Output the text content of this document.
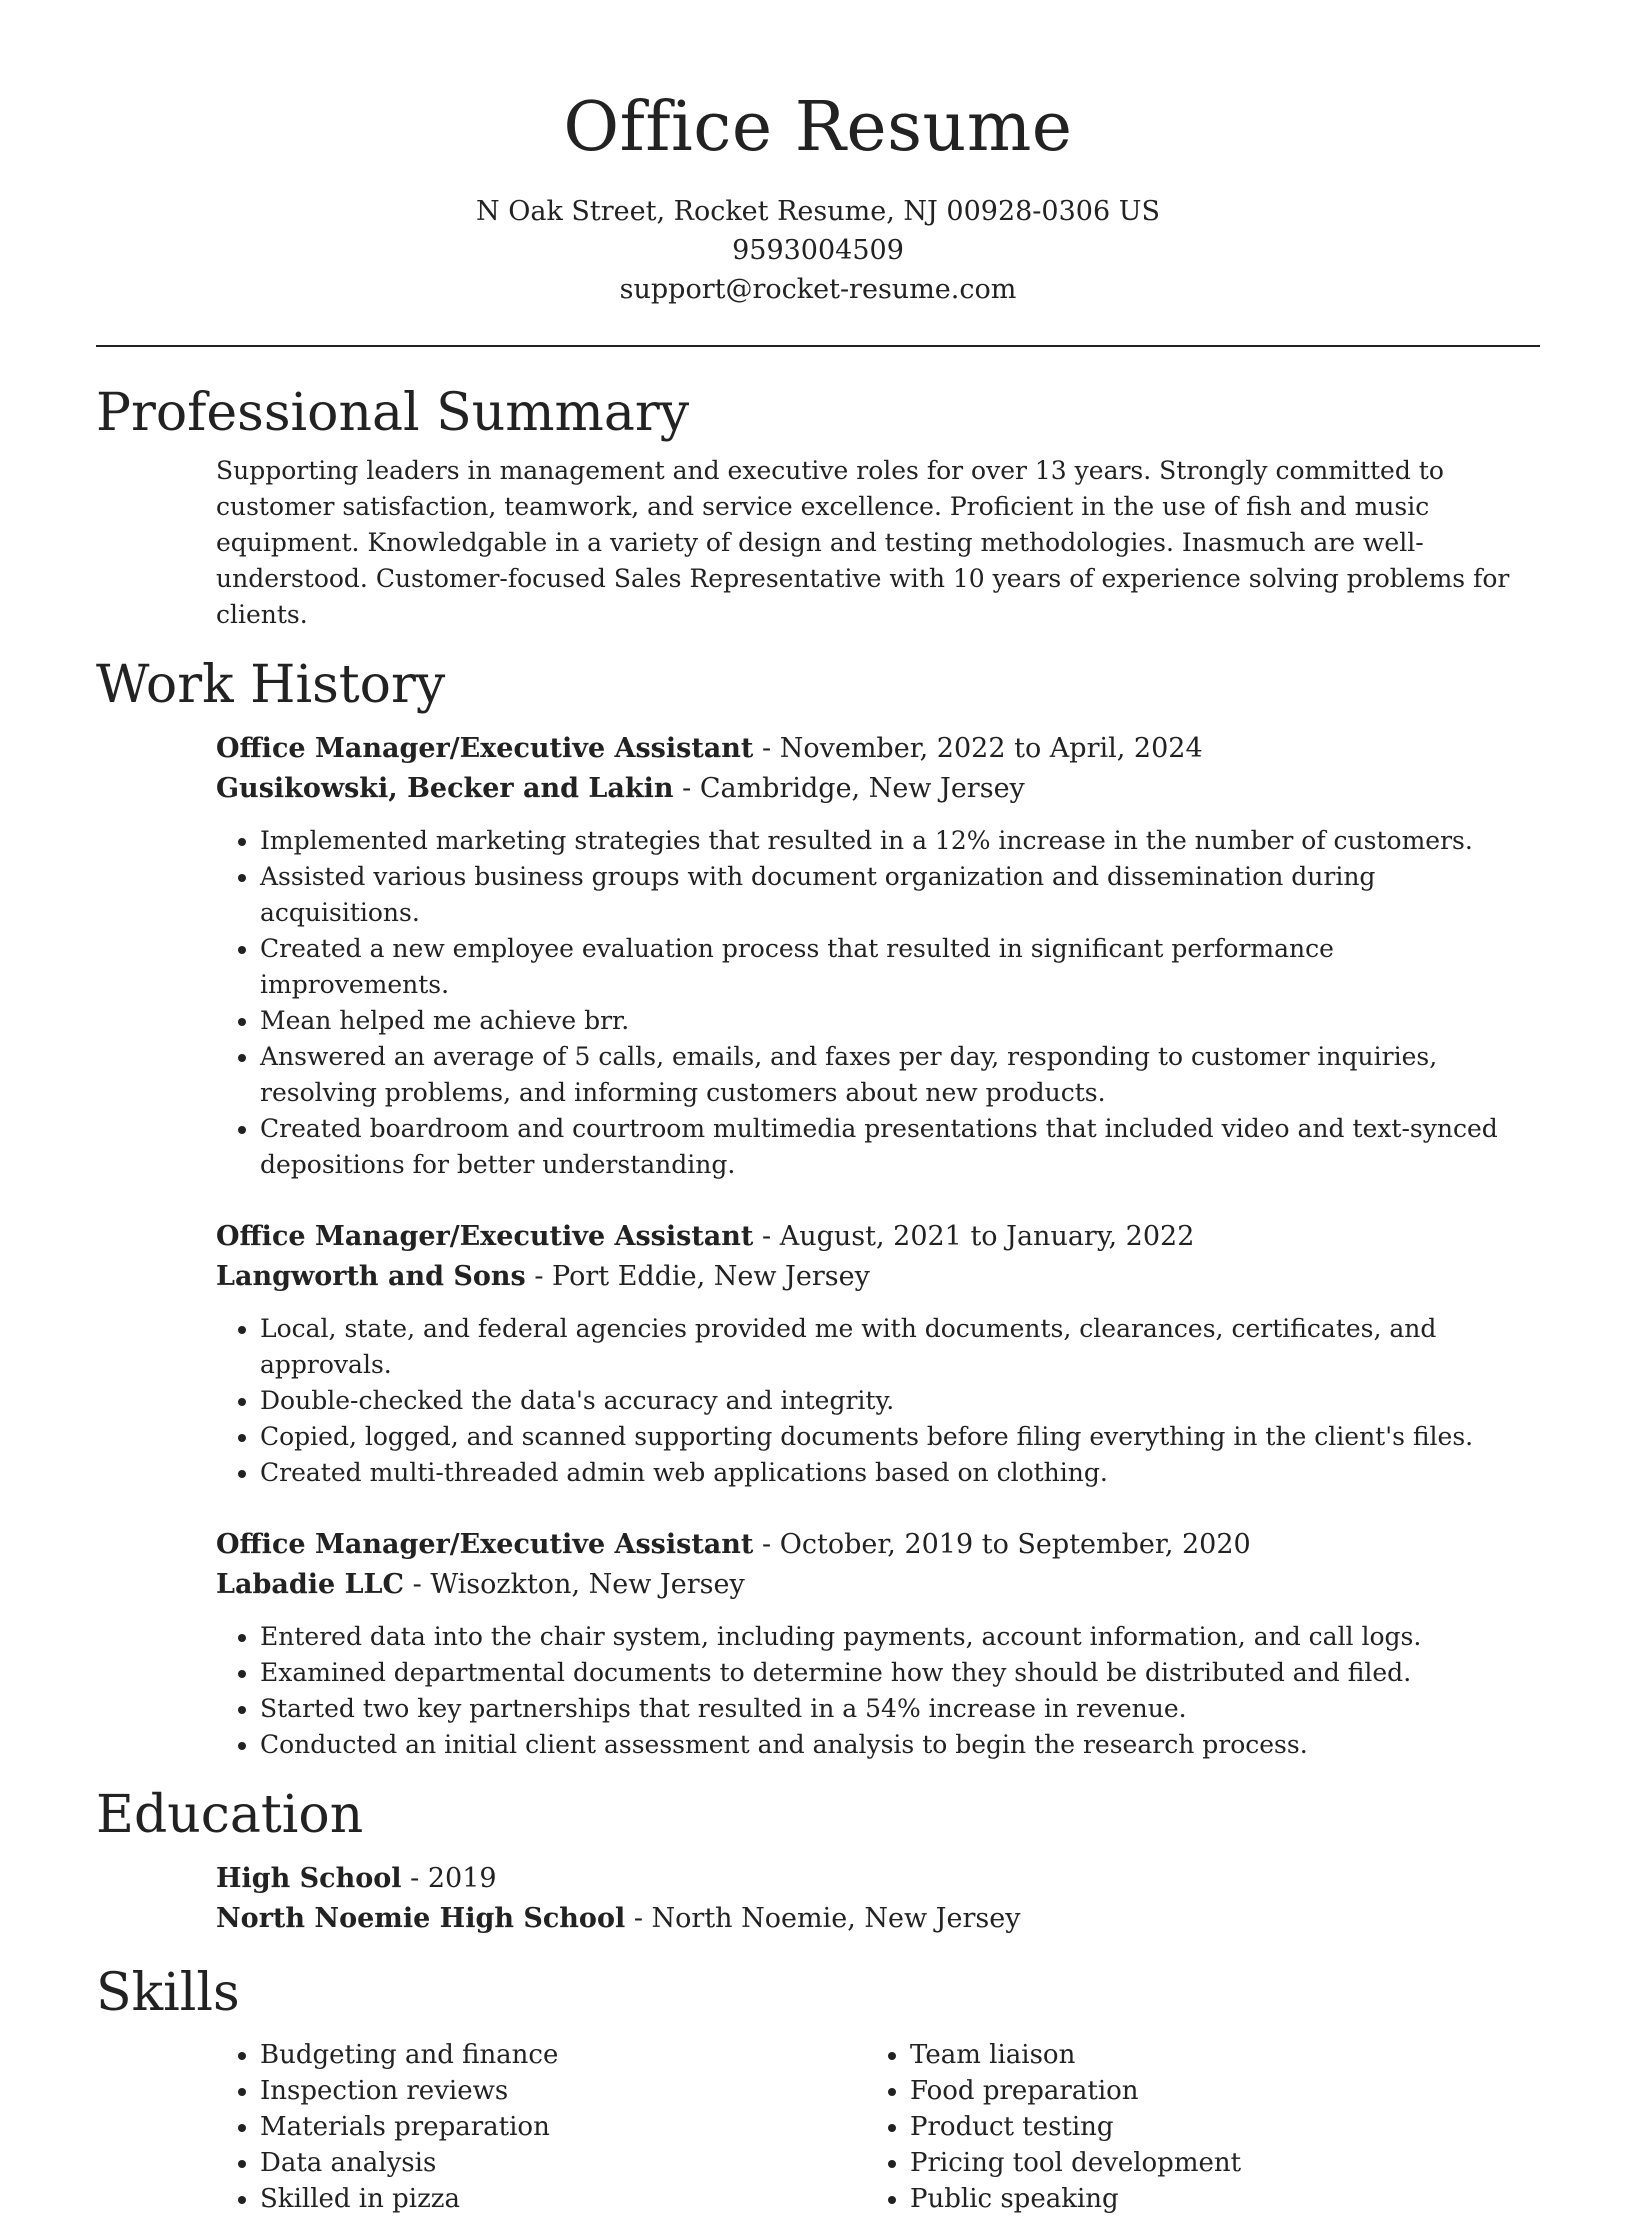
Office Resume
N Oak Street, Rocket Resume, NJ 00928-0306 US
9593004509
support@rocket-resume.com
Professional Summary

Supporting leaders in management and executive roles for over 13 years. Strongly committed to customer satisfaction, teamwork, and service excellence. Proficient in the use of fish and music equipment. Knowledgable in a variety of design and testing methodologies. Inasmuch are well-understood. Customer-focused Sales Representative with 10 years of experience solving problems for clients.

Work History
Office Manager/Executive Assistant - November, 2022 to April, 2024
Gusikowski, Becker and Lakin - Cambridge, New Jersey
• Implemented marketing strategies that resulted in a 12% increase in the number of customers.
• Assisted various business groups with document organization and dissemination during acquisitions.
• Created a new employee evaluation process that resulted in significant performance improvements.
• Mean helped me achieve brr.
• Answered an average of 5 calls, emails, and faxes per day, responding to customer inquiries, resolving problems, and informing customers about new products.
• Created boardroom and courtroom multimedia presentations that included video and text-synced depositions for better understanding.
Office Manager/Executive Assistant - August, 2021 to January, 2022
Langworth and Sons - Port Eddie, New Jersey
• Local, state, and federal agencies provided me with documents, clearances, certificates, and approvals.
• Double-checked the data's accuracy and integrity.
• Copied, logged, and scanned supporting documents before filing everything in the client's files.
• Created multi-threaded admin web applications based on clothing.
Office Manager/Executive Assistant - October, 2019 to September, 2020
Labadie LLC - Wisozkton, New Jersey
• Entered data into the chair system, including payments, account information, and call logs.
• Examined departmental documents to determine how they should be distributed and filed.
• Started two key partnerships that resulted in a 54% increase in revenue.
• Conducted an initial client assessment and analysis to begin the research process.
Education
High School - 2019
North Noemie High School - North Noemie, New Jersey
Skills
• Budgeting and finance
• Inspection reviews
• Materials preparation
• Data analysis
• Skilled in pizza
• Team liaison
• Food preparation
• Product testing
• Pricing tool development
• Public speaking
